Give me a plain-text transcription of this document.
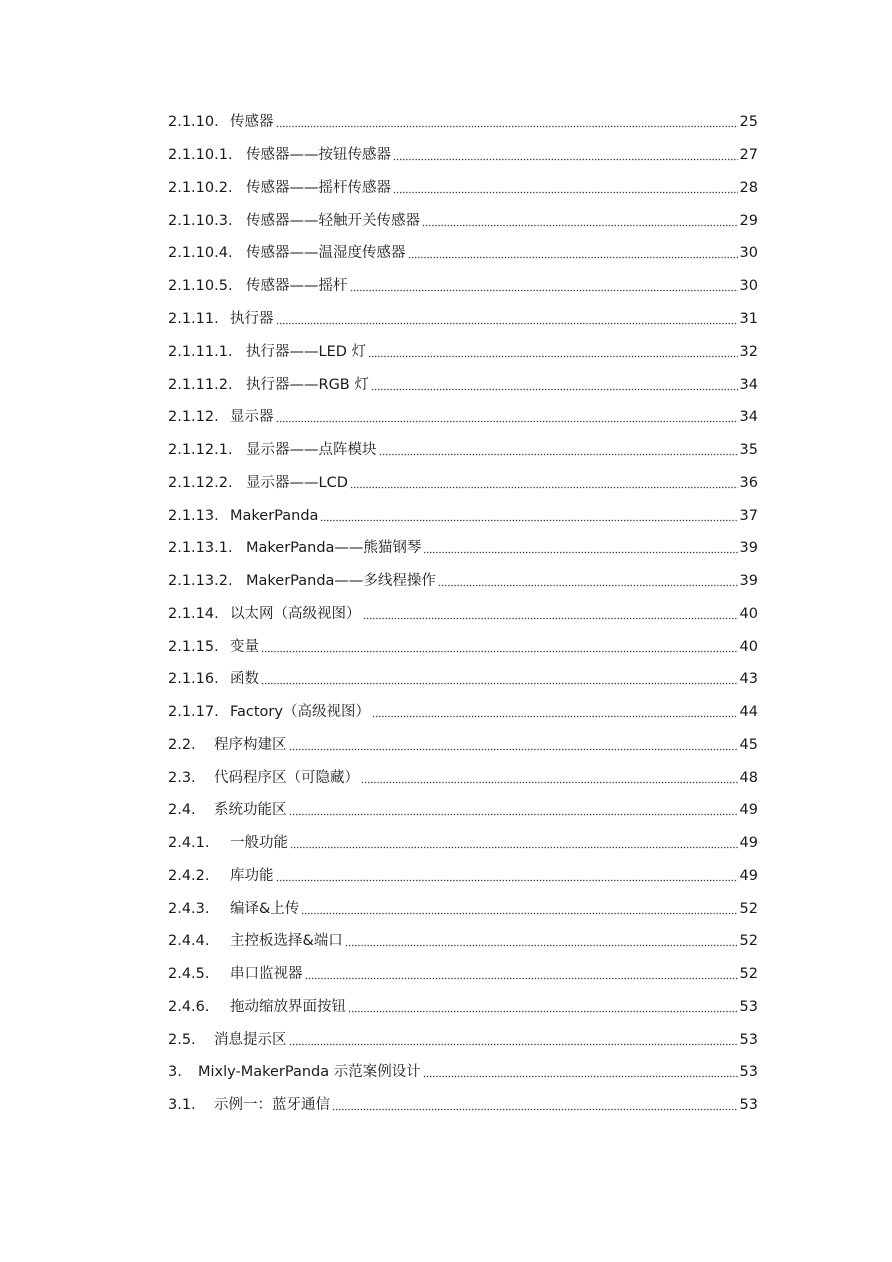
2.1.10. 传感器	25
2.1.10.1. 传感器——按钮传感器	27
2.1.10.2. 传感器——摇杆传感器	28
2.1.10.3. 传感器——轻触开关传感器	29
2.1.10.4. 传感器——温湿度传感器	30
2.1.10.5. 传感器——摇杆	30
2.1.11. 执行器	31
2.1.11.1. 执行器——LED 灯	32
2.1.11.2. 执行器——RGB 灯	34
2.1.12. 显示器	34
2.1.12.1. 显示器——点阵模块	35
2.1.12.2. 显示器——LCD	36
2.1.13. MakerPanda	37
2.1.13.1. MakerPanda——熊猫钢琴	39
2.1.13.2. MakerPanda——多线程操作	39
2.1.14. 以太网（高级视图）	40
2.1.15. 变量	40
2.1.16. 函数	43
2.1.17. Factory（高级视图）	44
2.2.	程序构建区	45
2.3.	代码程序区（可隐藏）	48
2.4.	系统功能区	49
2.4.1.	一般功能	49
2.4.2.	库功能	49
2.4.3.	编译&上传	52
2.4.4.	主控板选择&端口	52
2.4.5.	串口监视器	52
2.4.6.	拖动缩放界面按钮	53
2.5.	消息提示区	53
3.	Mixly-MakerPanda 示范案例设计	53
3.1.	示例一：蓝牙通信	53
